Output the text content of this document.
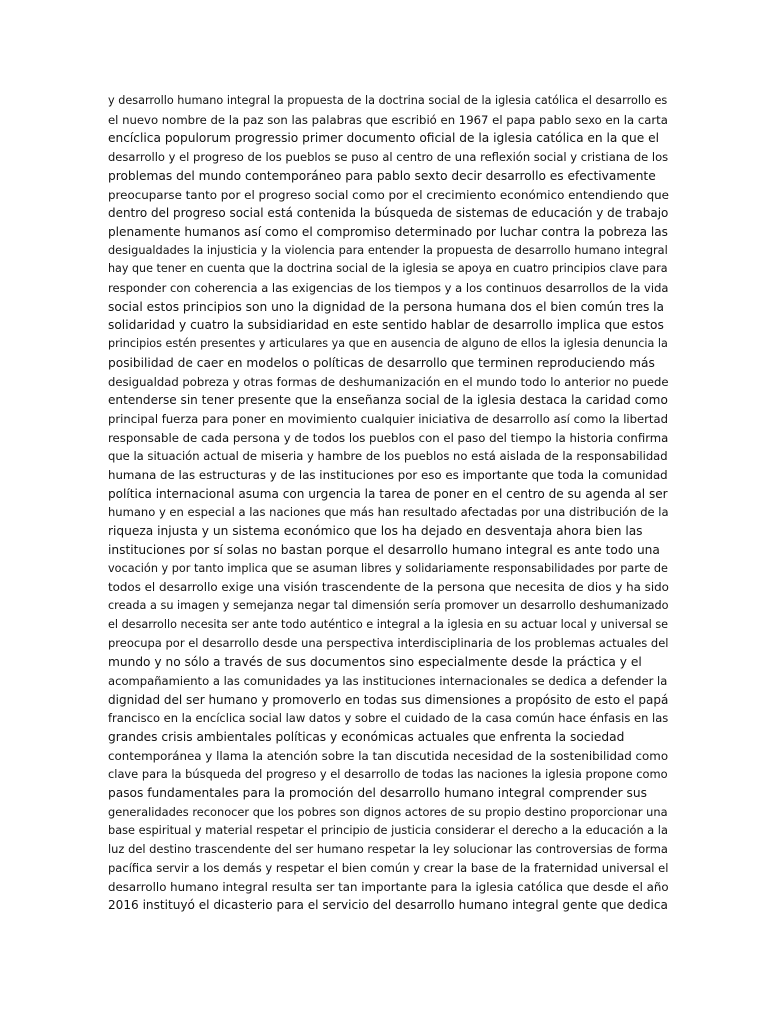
y desarrollo humano integral la propuesta de la doctrina social de la iglesia católica el desarrollo es
el nuevo nombre de la paz son las palabras que escribió en 1967 el papa pablo sexo en la carta
encíclica populorum progressio primer documento oficial de la iglesia católica en la que el
desarrollo y el progreso de los pueblos se puso al centro de una reflexión social y cristiana de los
problemas del mundo contemporáneo para pablo sexto decir desarrollo es efectivamente
preocuparse tanto por el progreso social como por el crecimiento económico entendiendo que
dentro del progreso social está contenida la búsqueda de sistemas de educación y de trabajo
plenamente humanos así como el compromiso determinado por luchar contra la pobreza las
desigualdades la injusticia y la violencia para entender la propuesta de desarrollo humano integral
hay que tener en cuenta que la doctrina social de la iglesia se apoya en cuatro principios clave para
responder con coherencia a las exigencias de los tiempos y a los continuos desarrollos de la vida
social estos principios son uno la dignidad de la persona humana dos el bien común tres la
solidaridad y cuatro la subsidiaridad en este sentido hablar de desarrollo implica que estos
principios estén presentes y articulares ya que en ausencia de alguno de ellos la iglesia denuncia la
posibilidad de caer en modelos o políticas de desarrollo que terminen reproduciendo más
desigualdad pobreza y otras formas de deshumanización en el mundo todo lo anterior no puede
entenderse sin tener presente que la enseñanza social de la iglesia destaca la caridad como
principal fuerza para poner en movimiento cualquier iniciativa de desarrollo así como la libertad
responsable de cada persona y de todos los pueblos con el paso del tiempo la historia confirma
que la situación actual de miseria y hambre de los pueblos no está aislada de la responsabilidad
humana de las estructuras y de las instituciones por eso es importante que toda la comunidad
política internacional asuma con urgencia la tarea de poner en el centro de su agenda al ser
humano y en especial a las naciones que más han resultado afectadas por una distribución de la
riqueza injusta y un sistema económico que los ha dejado en desventaja ahora bien las
instituciones por sí solas no bastan porque el desarrollo humano integral es ante todo una
vocación y por tanto implica que se asuman libres y solidariamente responsabilidades por parte de
todos el desarrollo exige una visión trascendente de la persona que necesita de dios y ha sido
creada a su imagen y semejanza negar tal dimensión sería promover un desarrollo deshumanizado
el desarrollo necesita ser ante todo auténtico e integral a la iglesia en su actuar local y universal se
preocupa por el desarrollo desde una perspectiva interdisciplinaria de los problemas actuales del
mundo y no sólo a través de sus documentos sino especialmente desde la práctica y el
acompañamiento a las comunidades ya las instituciones internacionales se dedica a defender la
dignidad del ser humano y promoverlo en todas sus dimensiones a propósito de esto el papá
francisco en la encíclica social law datos y sobre el cuidado de la casa común hace énfasis en las
grandes crisis ambientales políticas y económicas actuales que enfrenta la sociedad
contemporánea y llama la atención sobre la tan discutida necesidad de la sostenibilidad como
clave para la búsqueda del progreso y el desarrollo de todas las naciones la iglesia propone como
pasos fundamentales para la promoción del desarrollo humano integral comprender sus
generalidades reconocer que los pobres son dignos actores de su propio destino proporcionar una
base espiritual y material respetar el principio de justicia considerar el derecho a la educación a la
luz del destino trascendente del ser humano respetar la ley solucionar las controversias de forma
pacífica servir a los demás y respetar el bien común y crear la base de la fraternidad universal el
desarrollo humano integral resulta ser tan importante para la iglesia católica que desde el año
2016 instituyó el dicasterio para el servicio del desarrollo humano integral gente que dedica
